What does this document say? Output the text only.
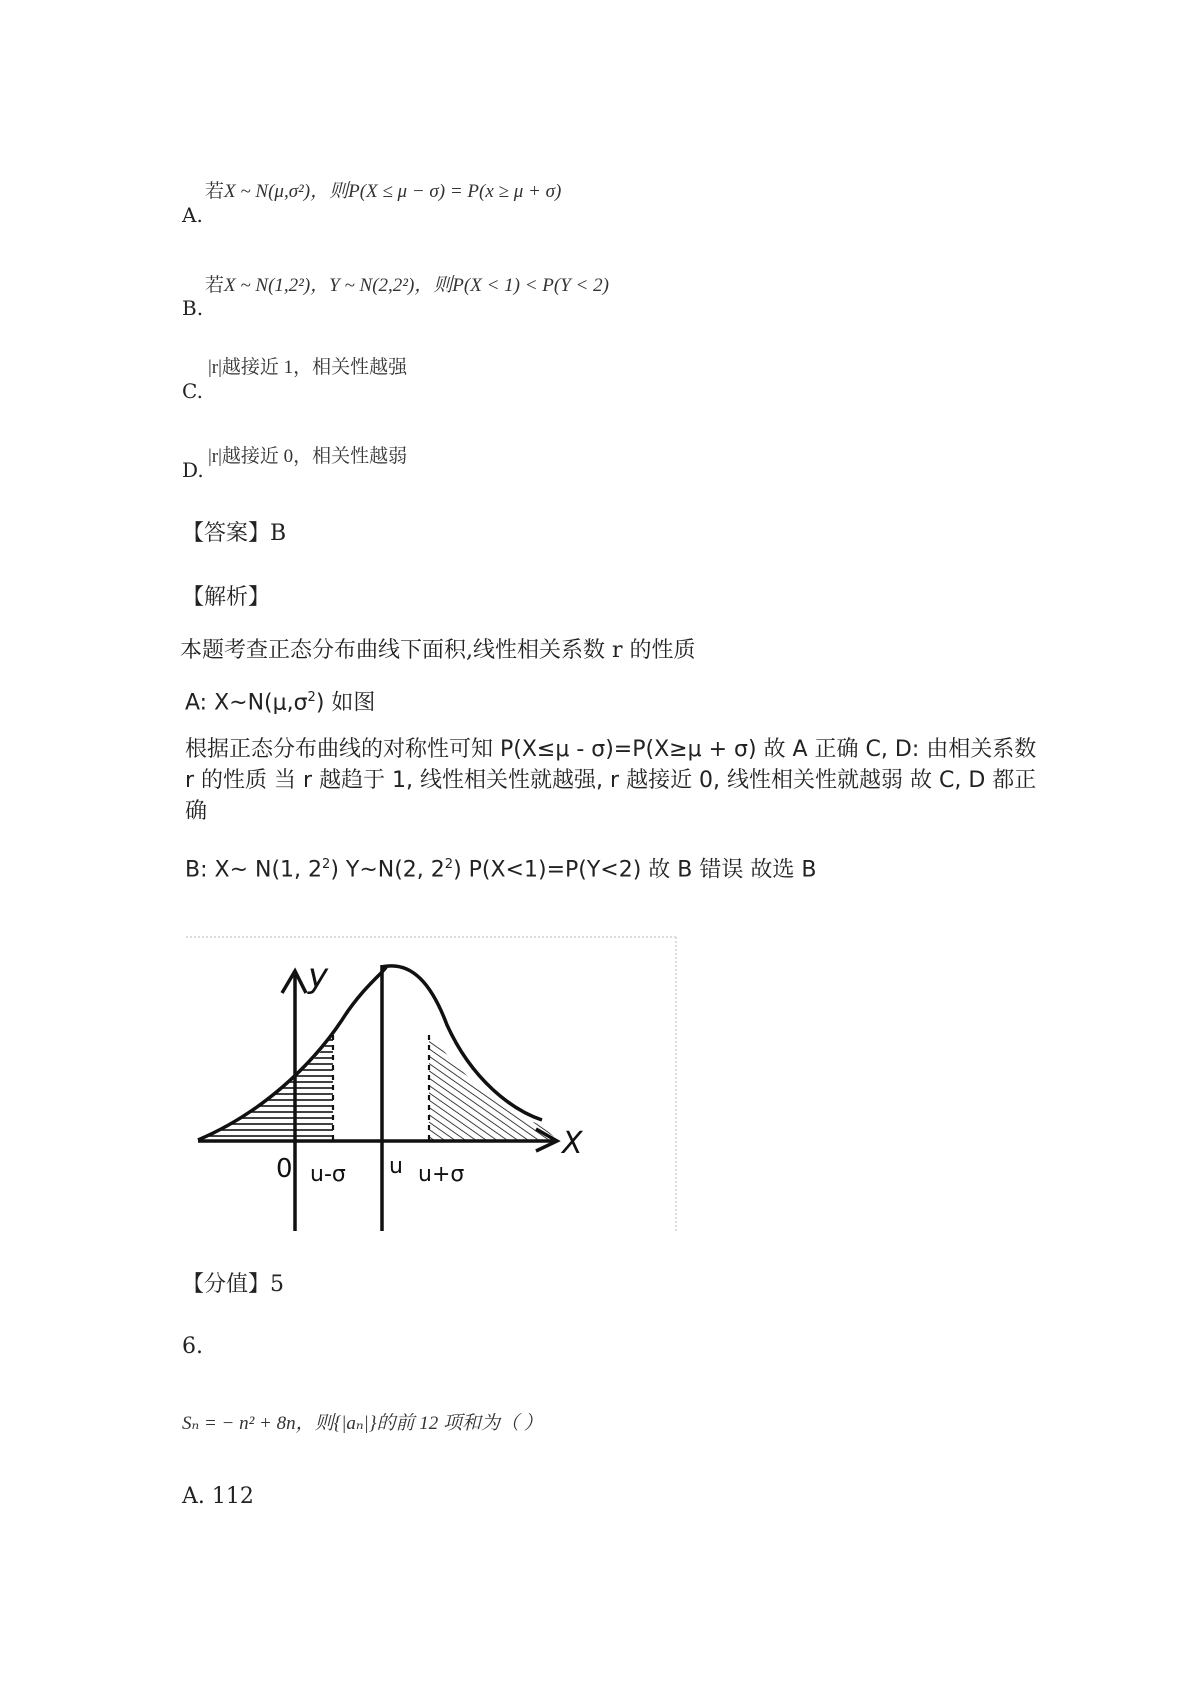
若X ~ N(μ,σ²)，则P(X ≤ μ − σ) = P(x ≥ μ + σ)
A.
若X ~ N(1,2²)，Y ~ N(2,2²)，则P(X < 1) < P(Y < 2)
B.
|r|越接近 1，相关性越强
C.
|r|越接近 0，相关性越弱
D.
【答案】B
【解析】
本题考查正态分布曲线下面积,线性相关系数 r 的性质
A: $X\sim N(\mu,\sigma^2)$ 如图
根据正态分布曲线的对称性可知 P(X≤μ - σ)=P(X≥μ + σ) 故 A 正确 C, D: 由相关系数 r 的性质 当 r 越趋于 1, 线性相关性就越强, r 越接近 0, 线性相关性就越弱 故 C, D 都正确
B: X~ N(1, $2^2$) Y~N(2, $2^2$) P(X<1)=P(Y<2) 故 B 错误 故选 B
y
X
0 u-σ u u+σ
【分值】5
6.
Sₙ = − n² + 8n，则{|aₙ|}的前 12 项和为（ ）
A. 112
